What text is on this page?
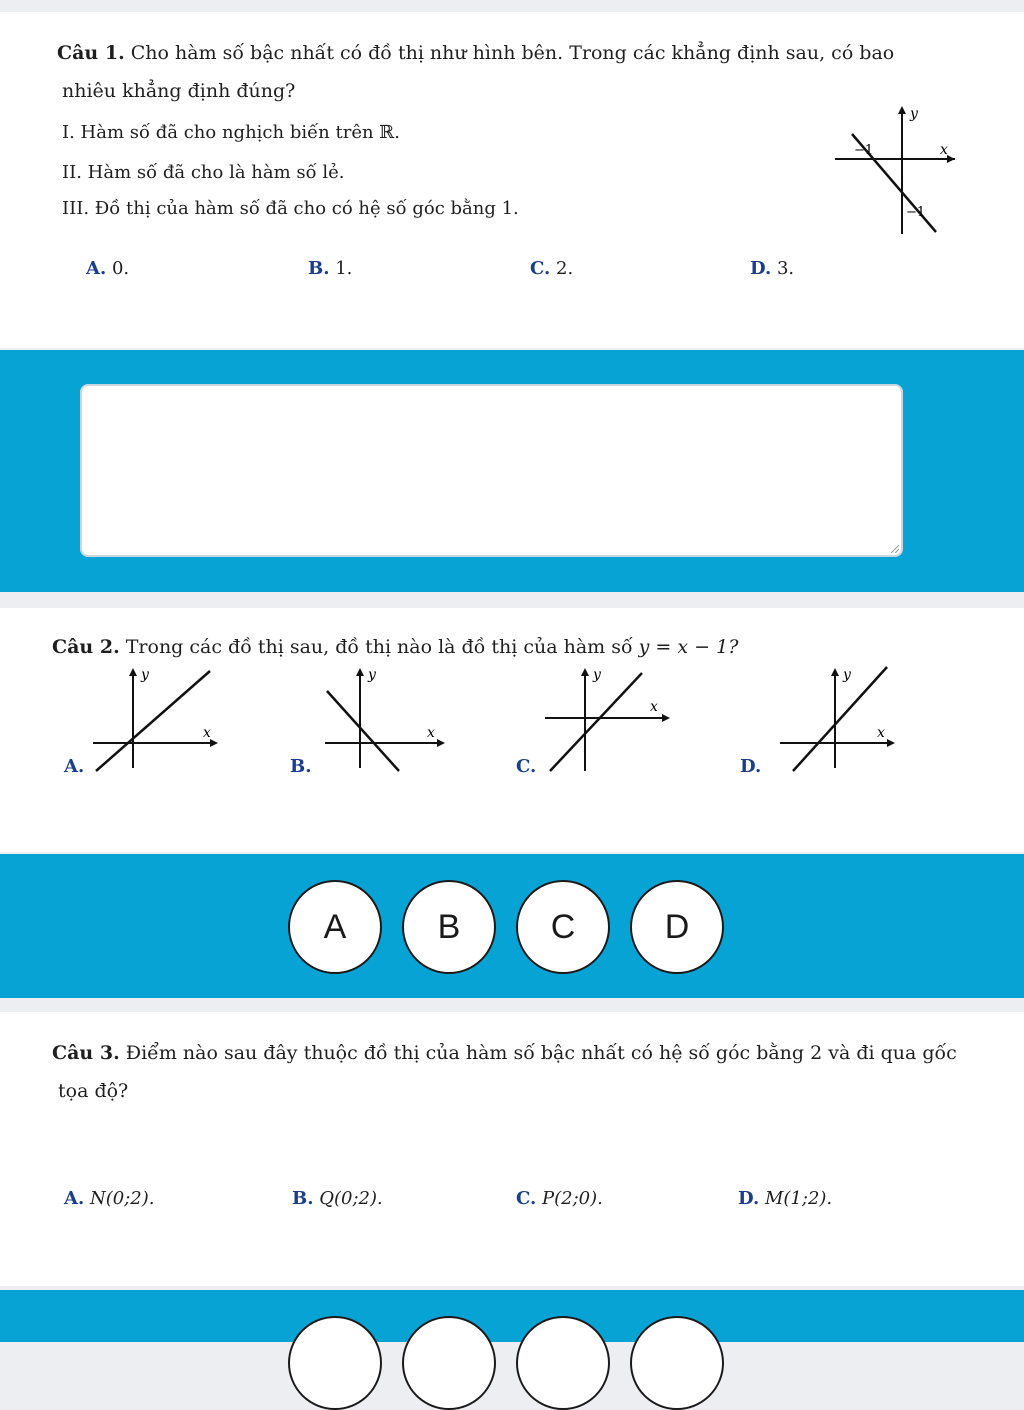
Câu 1. Cho hàm số bậc nhất có đồ thị như hình bên. Trong các khẳng định sau, có bao

nhiêu khẳng định đúng?

I. Hàm số đã cho nghịch biến trên ℝ.
II. Hàm số đã cho là hàm số lẻ.
III. Đồ thị của hàm số đã cho có hệ số góc bằng 1.
y
x
−1
−1
A. 0.	B. 1.	C. 2.	D. 3.

Câu 2. Trong các đồ thị sau, đồ thị nào là đồ thị của hàm số y = x − 1?

A.
y
x
B.
y
x
C.
y
x
D.
y
x
A	B	C	D

Câu 3. Điểm nào sau đây thuộc đồ thị của hàm số bậc nhất có hệ số góc bằng 2 và đi qua gốc

tọa độ?

A. N(0;2).	B. Q(0;2).	C. P(2;0).	D. M(1;2).
